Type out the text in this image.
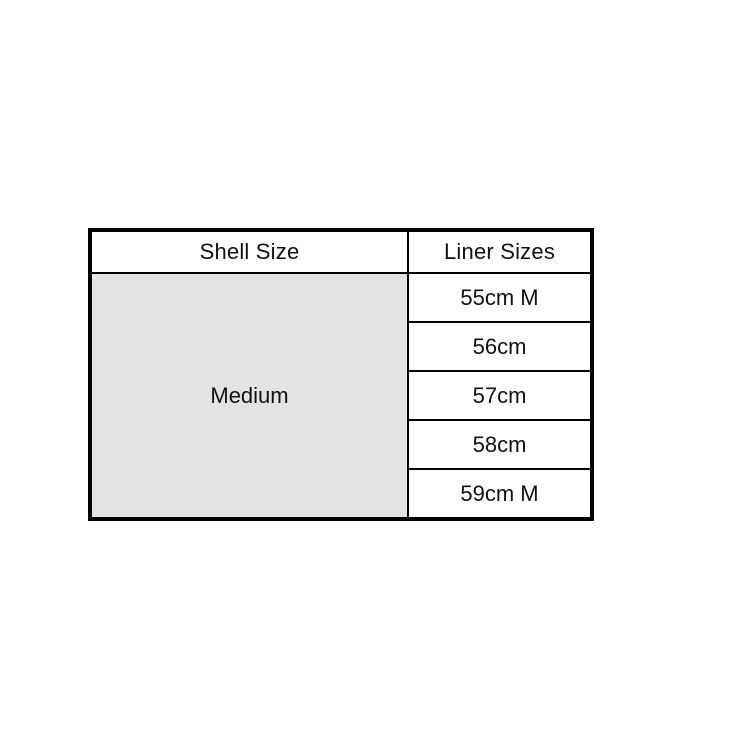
Shell Size	Liner Sizes
Medium	55cm M
	56cm
	57cm
	58cm
	59cm M
